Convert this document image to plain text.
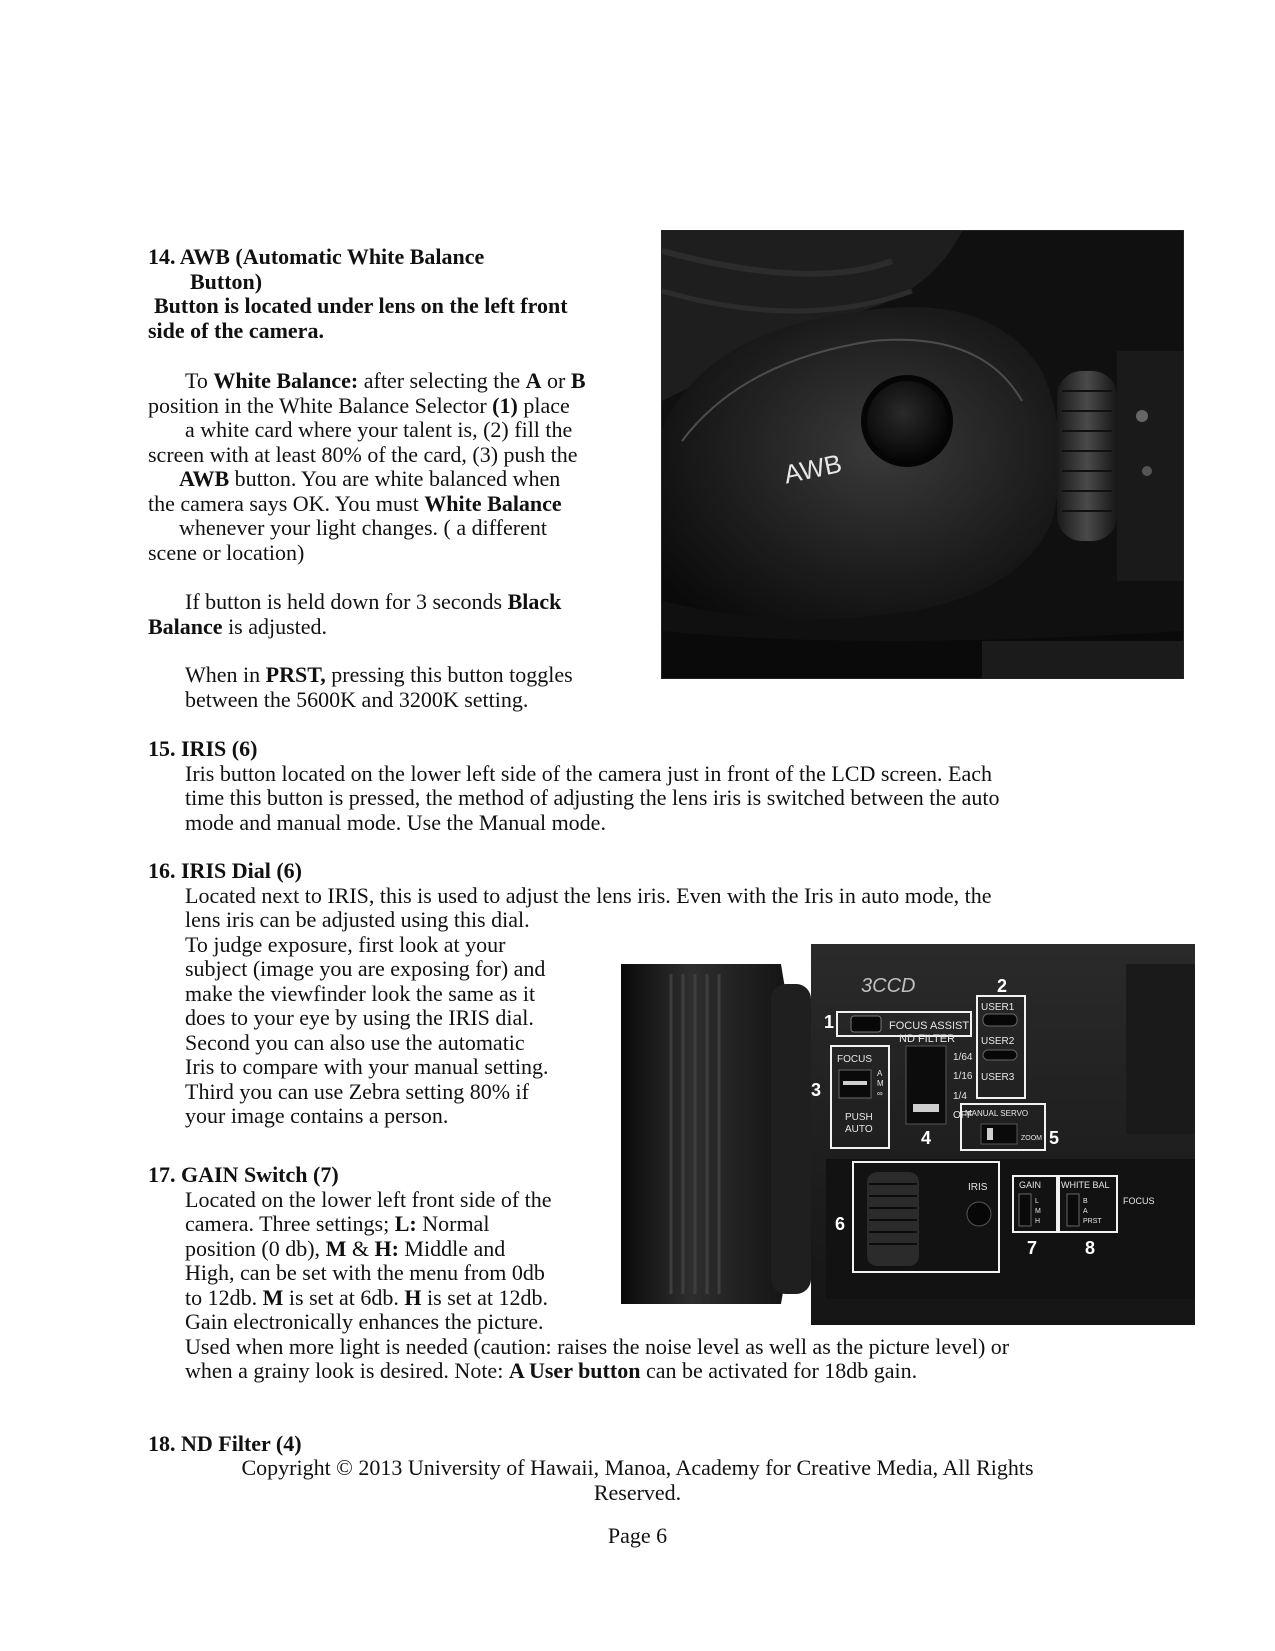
14. AWB (Automatic White Balance
Button)
Button is located under lens on the left front
side of the camera.
To White Balance: after selecting the A or B
position in the White Balance Selector (1) place
a white card where your talent is, (2) fill the
screen with at least 80% of the card, (3) push the
AWB button. You are white balanced when
the camera says OK. You must White Balance
whenever your light changes. ( a different
scene or location)
If button is held down for 3 seconds Black
Balance is adjusted.
When in PRST, pressing this button toggles
between the 5600K and 3200K setting.
AWB
15. IRIS (6)
Iris button located on the lower left side of the camera just in front of the LCD screen. Each
time this button is pressed, the method of adjusting the lens iris is switched between the auto
mode and manual mode. Use the Manual mode.
16. IRIS Dial (6)
Located next to IRIS, this is used to adjust the lens iris. Even with the Iris in auto mode, the
lens iris can be adjusted using this dial.
To judge exposure, first look at your
subject (image you are exposing for) and
make the viewfinder look the same as it
does to your eye by using the IRIS dial.
Second you can also use the automatic
Iris to compare with your manual setting.
Third you can use Zebra setting 80% if
your image contains a person.
3CCD
FOCUS ASSIST
ND FILTER
1/64
1/16
1/4
OFF
USER1
USER2
USER3
FOCUS
A
M
∞
PUSH
AUTO
MANUAL SERVO
ZOOM
IRIS	GAIN
L
M
H
WHITE BAL
B
A
PRST
FOCUS
1
2
3
4	5
6
7	8
17. GAIN Switch (7)
Located on the lower left front side of the
camera. Three settings; L: Normal
position (0 db), M & H: Middle and
High, can be set with the menu from 0db
to 12db. M is set at 6db. H is set at 12db.
Gain electronically enhances the picture.
Used when more light is needed (caution: raises the noise level as well as the picture level) or
when a grainy look is desired. Note: A User button can be activated for 18db gain.
18. ND Filter (4)
Copyright © 2013 University of Hawaii, Manoa, Academy for Creative Media, All Rights
Reserved.
Page 6
